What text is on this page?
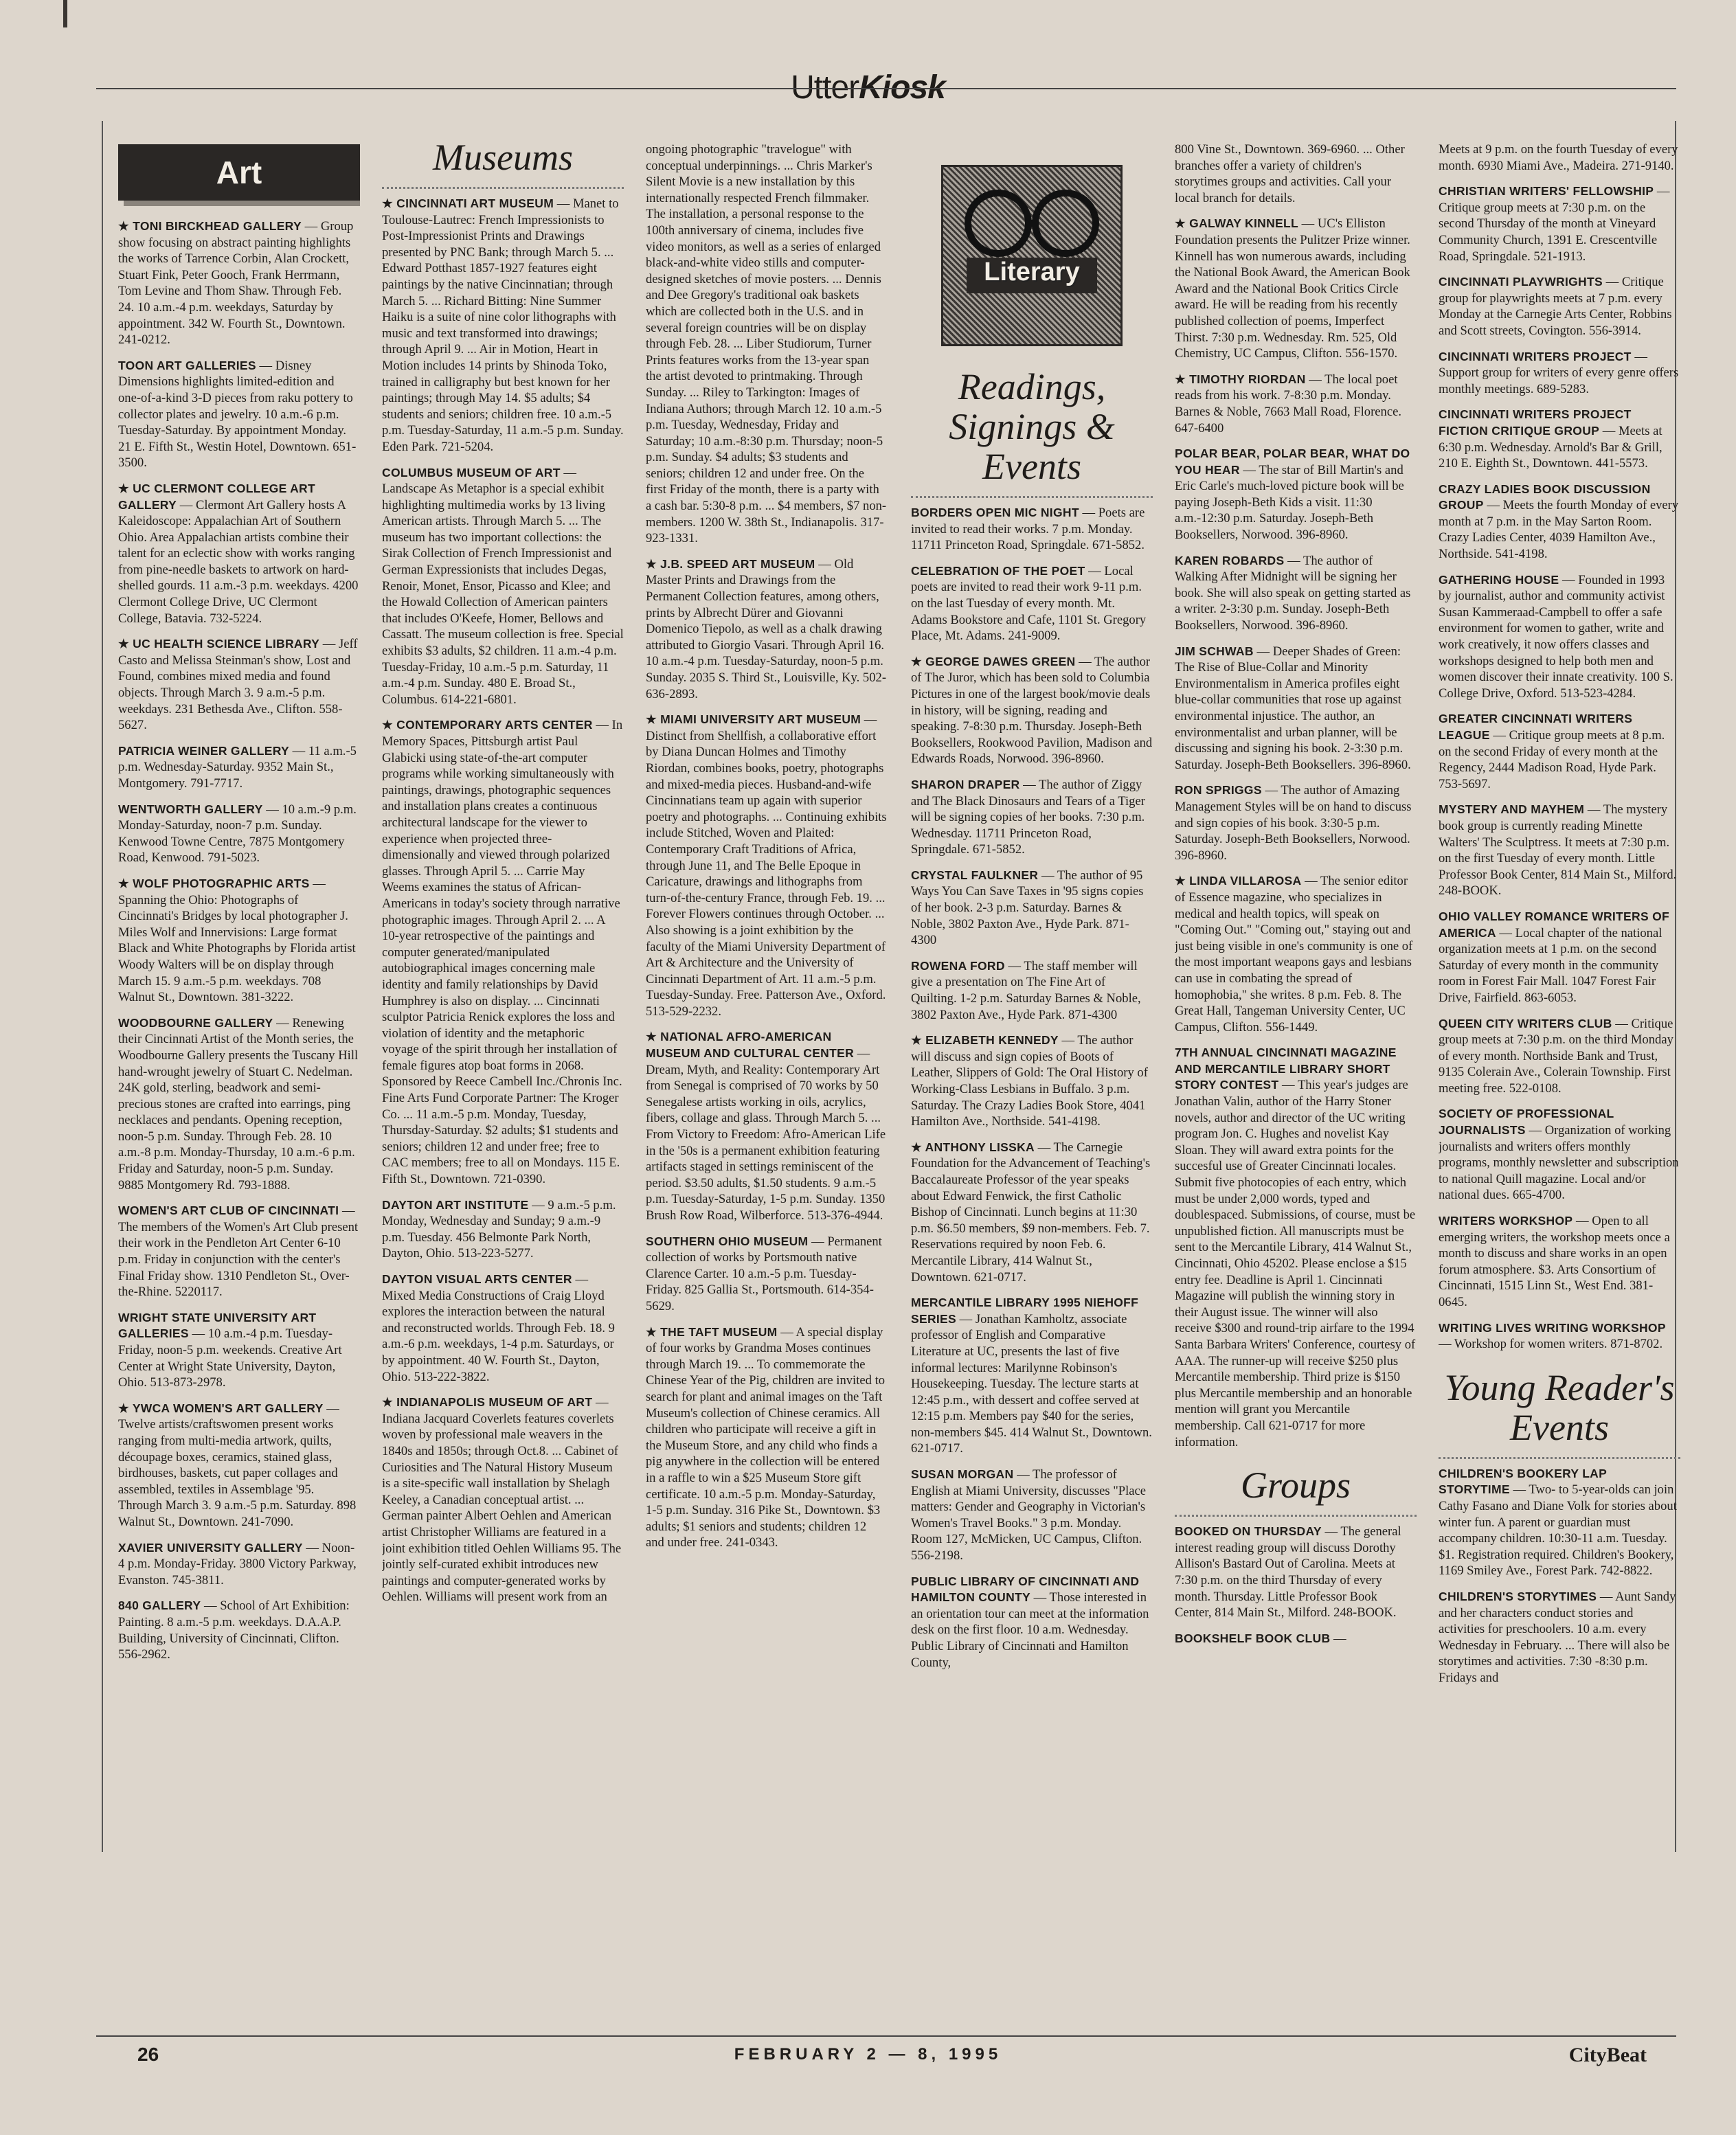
UtterKiosk
Art

★ TONI BIRCKHEAD GALLERY — Group show focusing on abstract painting highlights the works of Tarrence Corbin, Alan Crockett, Stuart Fink, Peter Gooch, Frank Herrmann, Tom Levine and Thom Shaw. Through Feb. 24. 10 a.m.-4 p.m. weekdays, Saturday by appointment. 342 W. Fourth St., Downtown. 241-0212.

TOON ART GALLERIES — Disney Dimensions highlights limited-edition and one-of-a-kind 3-D pieces from raku pottery to collector plates and jewelry. 10 a.m.-6 p.m. Tuesday-Saturday. By appointment Monday. 21 E. Fifth St., Westin Hotel, Downtown. 651-3500.

★ UC CLERMONT COLLEGE ART GALLERY — Clermont Art Gallery hosts A Kaleidoscope: Appalachian Art of Southern Ohio. Area Appalachian artists combine their talent for an eclectic show with works ranging from pine-needle baskets to artwork on hard-shelled gourds. 11 a.m.-3 p.m. weekdays. 4200 Clermont College Drive, UC Clermont College, Batavia. 732-5224.

★ UC HEALTH SCIENCE LIBRARY — Jeff Casto and Melissa Steinman's show, Lost and Found, combines mixed media and found objects. Through March 3. 9 a.m.-5 p.m. weekdays. 231 Bethesda Ave., Clifton. 558-5627.

PATRICIA WEINER GALLERY — 11 a.m.-5 p.m. Wednesday-Saturday. 9352 Main St., Montgomery. 791-7717.

WENTWORTH GALLERY — 10 a.m.-9 p.m. Monday-Saturday, noon-7 p.m. Sunday. Kenwood Towne Centre, 7875 Montgomery Road, Kenwood. 791-5023.

★ WOLF PHOTOGRAPHIC ARTS — Spanning the Ohio: Photographs of Cincinnati's Bridges by local photographer J. Miles Wolf and Innervisions: Large format Black and White Photographs by Florida artist Woody Walters will be on display through March 15. 9 a.m.-5 p.m. weekdays. 708 Walnut St., Downtown. 381-3222.

WOODBOURNE GALLERY — Renewing their Cincinnati Artist of the Month series, the Woodbourne Gallery presents the Tuscany Hill hand-wrought jewelry of Stuart C. Nedelman. 24K gold, sterling, beadwork and semi-precious stones are crafted into earrings, ping necklaces and pendants. Opening reception, noon-5 p.m. Sunday. Through Feb. 28. 10 a.m.-8 p.m. Monday-Thursday, 10 a.m.-6 p.m. Friday and Saturday, noon-5 p.m. Sunday. 9885 Montgomery Rd. 793-1888.

WOMEN'S ART CLUB OF CINCINNATI — The members of the Women's Art Club present their work in the Pendleton Art Center 6-10 p.m. Friday in conjunction with the center's Final Friday show. 1310 Pendleton St., Over-the-Rhine. 5220117.

WRIGHT STATE UNIVERSITY ART GALLERIES — 10 a.m.-4 p.m. Tuesday-Friday, noon-5 p.m. weekends. Creative Art Center at Wright State University, Dayton, Ohio. 513-873-2978.

★ YWCA WOMEN'S ART GALLERY — Twelve artists/craftswomen present works ranging from multi-media artwork, quilts, découpage boxes, ceramics, stained glass, birdhouses, baskets, cut paper collages and assembled, textiles in Assemblage '95. Through March 3. 9 a.m.-5 p.m. Saturday. 898 Walnut St., Downtown. 241-7090.

XAVIER UNIVERSITY GALLERY — Noon-4 p.m. Monday-Friday. 3800 Victory Parkway, Evanston. 745-3811.

840 GALLERY — School of Art Exhibition: Painting. 8 a.m.-5 p.m. weekdays. D.A.A.P. Building, University of Cincinnati, Clifton. 556-2962.

Museums

★ CINCINNATI ART MUSEUM — Manet to Toulouse-Lautrec: French Impressionists to Post-Impressionist Prints and Drawings presented by PNC Bank; through March 5. ... Edward Potthast 1857-1927 features eight paintings by the native Cincinnatian; through March 5. ... Richard Bitting: Nine Summer Haiku is a suite of nine color lithographs with music and text transformed into drawings; through April 9. ... Air in Motion, Heart in Motion includes 14 prints by Shinoda Toko, trained in calligraphy but best known for her paintings; through May 14. $5 adults; $4 students and seniors; children free. 10 a.m.-5 p.m. Tuesday-Saturday, 11 a.m.-5 p.m. Sunday. Eden Park. 721-5204.

COLUMBUS MUSEUM OF ART — Landscape As Metaphor is a special exhibit highlighting multimedia works by 13 living American artists. Through March 5. ... The museum has two important collections: the Sirak Collection of French Impressionist and German Expressionists that includes Degas, Renoir, Monet, Ensor, Picasso and Klee; and the Howald Collection of American painters that includes O'Keefe, Homer, Bellows and Cassatt. The museum collection is free. Special exhibits $3 adults, $2 children. 11 a.m.-4 p.m. Tuesday-Friday, 10 a.m.-5 p.m. Saturday, 11 a.m.-4 p.m. Sunday. 480 E. Broad St., Columbus. 614-221-6801.

★ CONTEMPORARY ARTS CENTER — In Memory Spaces, Pittsburgh artist Paul Glabicki using state-of-the-art computer programs while working simultaneously with paintings, drawings, photographic sequences and installation plans creates a continuous architectural landscape for the viewer to experience when projected three-dimensionally and viewed through polarized glasses. Through April 5. ... Carrie May Weems examines the status of African-Americans in today's society through narrative photographic images. Through April 2. ... A 10-year retrospective of the paintings and computer generated/manipulated autobiographical images concerning male identity and family relationships by David Humphrey is also on display. ... Cincinnati sculptor Patricia Renick explores the loss and violation of identity and the metaphoric voyage of the spirit through her installation of female figures atop boat forms in 2068. Sponsored by Reece Cambell Inc./Chronis Inc. Fine Arts Fund Corporate Partner: The Kroger Co. ... 11 a.m.-5 p.m. Monday, Tuesday, Thursday-Saturday. $2 adults; $1 students and seniors; children 12 and under free; free to CAC members; free to all on Mondays. 115 E. Fifth St., Downtown. 721-0390.

DAYTON ART INSTITUTE — 9 a.m.-5 p.m. Monday, Wednesday and Sunday; 9 a.m.-9 p.m. Tuesday. 456 Belmonte Park North, Dayton, Ohio. 513-223-5277.

DAYTON VISUAL ARTS CENTER — Mixed Media Constructions of Craig Lloyd explores the interaction between the natural and reconstructed worlds. Through Feb. 18. 9 a.m.-6 p.m. weekdays, 1-4 p.m. Saturdays, or by appointment. 40 W. Fourth St., Dayton, Ohio. 513-222-3822.

★ INDIANAPOLIS MUSEUM OF ART — Indiana Jacquard Coverlets features coverlets woven by professional male weavers in the 1840s and 1850s; through Oct.8. ... Cabinet of Curiosities and The Natural History Museum is a site-specific wall installation by Shelagh Keeley, a Canadian conceptual artist. ... German painter Albert Oehlen and American artist Christopher Williams are featured in a joint exhibition titled Oehlen Williams 95. The jointly self-curated exhibit introduces new paintings and computer-generated works by Oehlen. Williams will present work from an

ongoing photographic "travelogue" with conceptual underpinnings. ... Chris Marker's Silent Movie is a new installation by this internationally respected French filmmaker. The installation, a personal response to the 100th anniversary of cinema, includes five video monitors, as well as a series of enlarged black-and-white video stills and computer-designed sketches of movie posters. ... Dennis and Dee Gregory's traditional oak baskets which are collected both in the U.S. and in several foreign countries will be on display through Feb. 28. ... Liber Studiorum, Turner Prints features works from the 13-year span the artist devoted to printmaking. Through Sunday. ... Riley to Tarkington: Images of Indiana Authors; through March 12. 10 a.m.-5 p.m. Tuesday, Wednesday, Friday and Saturday; 10 a.m.-8:30 p.m. Thursday; noon-5 p.m. Sunday. $4 adults; $3 students and seniors; children 12 and under free. On the first Friday of the month, there is a party with a cash bar. 5:30-8 p.m. ... $4 members, $7 non-members. 1200 W. 38th St., Indianapolis. 317-923-1331.

★ J.B. SPEED ART MUSEUM — Old Master Prints and Drawings from the Permanent Collection features, among others, prints by Albrecht Dürer and Giovanni Domenico Tiepolo, as well as a chalk drawing attributed to Giorgio Vasari. Through April 16. 10 a.m.-4 p.m. Tuesday-Saturday, noon-5 p.m. Sunday. 2035 S. Third St., Louisville, Ky. 502-636-2893.

★ MIAMI UNIVERSITY ART MUSEUM — Distinct from Shellfish, a collaborative effort by Diana Duncan Holmes and Timothy Riordan, combines books, poetry, photographs and mixed-media pieces. Husband-and-wife Cincinnatians team up again with superior poetry and photographs. ... Continuing exhibits include Stitched, Woven and Plaited: Contemporary Craft Traditions of Africa, through June 11, and The Belle Epoque in Caricature, drawings and lithographs from turn-of-the-century France, through Feb. 19. ... Forever Flowers continues through October. ... Also showing is a joint exhibition by the faculty of the Miami University Department of Art & Architecture and the University of Cincinnati Department of Art. 11 a.m.-5 p.m. Tuesday-Sunday. Free. Patterson Ave., Oxford. 513-529-2232.

★ NATIONAL AFRO-AMERICAN MUSEUM AND CULTURAL CENTER — Dream, Myth, and Reality: Contemporary Art from Senegal is comprised of 70 works by 50 Senegalese artists working in oils, acrylics, fibers, collage and glass. Through March 5. ... From Victory to Freedom: Afro-American Life in the '50s is a permanent exhibition featuring artifacts staged in settings reminiscent of the period. $3.50 adults, $1.50 students. 9 a.m.-5 p.m. Tuesday-Saturday, 1-5 p.m. Sunday. 1350 Brush Row Road, Wilberforce. 513-376-4944.

SOUTHERN OHIO MUSEUM — Permanent collection of works by Portsmouth native Clarence Carter. 10 a.m.-5 p.m. Tuesday-Friday. 825 Gallia St., Portsmouth. 614-354-5629.

★ THE TAFT MUSEUM — A special display of four works by Grandma Moses continues through March 19. ... To commemorate the Chinese Year of the Pig, children are invited to search for plant and animal images on the Taft Museum's collection of Chinese ceramics. All children who participate will receive a gift in the Museum Store, and any child who finds a pig anywhere in the collection will be entered in a raffle to win a $25 Museum Store gift certificate. 10 a.m.-5 p.m. Monday-Saturday, 1-5 p.m. Sunday. 316 Pike St., Downtown. $3 adults; $1 seniors and students; children 12 and under free. 241-0343.

Literary
Readings, Signings & Events

BORDERS OPEN MIC NIGHT — Poets are invited to read their works. 7 p.m. Monday. 11711 Princeton Road, Springdale. 671-5852.

CELEBRATION OF THE POET — Local poets are invited to read their work 9-11 p.m. on the last Tuesday of every month. Mt. Adams Bookstore and Cafe, 1101 St. Gregory Place, Mt. Adams. 241-9009.

★ GEORGE DAWES GREEN — The author of The Juror, which has been sold to Columbia Pictures in one of the largest book/movie deals in history, will be signing, reading and speaking. 7-8:30 p.m. Thursday. Joseph-Beth Booksellers, Rookwood Pavilion, Madison and Edwards Roads, Norwood. 396-8960.

SHARON DRAPER — The author of Ziggy and The Black Dinosaurs and Tears of a Tiger will be signing copies of her books. 7:30 p.m. Wednesday. 11711 Princeton Road, Springdale. 671-5852.

CRYSTAL FAULKNER — The author of 95 Ways You Can Save Taxes in '95 signs copies of her book. 2-3 p.m. Saturday. Barnes & Noble, 3802 Paxton Ave., Hyde Park. 871-4300

ROWENA FORD — The staff member will give a presentation on The Fine Art of Quilting. 1-2 p.m. Saturday Barnes & Noble, 3802 Paxton Ave., Hyde Park. 871-4300

★ ELIZABETH KENNEDY — The author will discuss and sign copies of Boots of Leather, Slippers of Gold: The Oral History of Working-Class Lesbians in Buffalo. 3 p.m. Saturday. The Crazy Ladies Book Store, 4041 Hamilton Ave., Northside. 541-4198.

★ ANTHONY LISSKA — The Carnegie Foundation for the Advancement of Teaching's Baccalaureate Professor of the year speaks about Edward Fenwick, the first Catholic Bishop of Cincinnati. Lunch begins at 11:30 p.m. $6.50 members, $9 non-members. Feb. 7. Reservations required by noon Feb. 6. Mercantile Library, 414 Walnut St., Downtown. 621-0717.

MERCANTILE LIBRARY 1995 NIEHOFF SERIES — Jonathan Kamholtz, associate professor of English and Comparative Literature at UC, presents the last of five informal lectures: Marilynne Robinson's Housekeeping. Tuesday. The lecture starts at 12:45 p.m., with dessert and coffee served at 12:15 p.m. Members pay $40 for the series, non-members $45. 414 Walnut St., Downtown. 621-0717.

SUSAN MORGAN — The professor of English at Miami University, discusses "Place matters: Gender and Geography in Victorian's Women's Travel Books." 3 p.m. Monday. Room 127, McMicken, UC Campus, Clifton. 556-2198.

PUBLIC LIBRARY OF CINCINNATI AND HAMILTON COUNTY — Those interested in an orientation tour can meet at the information desk on the first floor. 10 a.m. Wednesday. Public Library of Cincinnati and Hamilton County,

800 Vine St., Downtown. 369-6960. ... Other branches offer a variety of children's storytimes groups and activities. Call your local branch for details.

★ GALWAY KINNELL — UC's Elliston Foundation presents the Pulitzer Prize winner. Kinnell has won numerous awards, including the National Book Award, the American Book Award and the National Book Critics Circle award. He will be reading from his recently published collection of poems, Imperfect Thirst. 7:30 p.m. Wednesday. Rm. 525, Old Chemistry, UC Campus, Clifton. 556-1570.

★ TIMOTHY RIORDAN — The local poet reads from his work. 7-8:30 p.m. Monday. Barnes & Noble, 7663 Mall Road, Florence. 647-6400

POLAR BEAR, POLAR BEAR, WHAT DO YOU HEAR — The star of Bill Martin's and Eric Carle's much-loved picture book will be paying Joseph-Beth Kids a visit. 11:30 a.m.-12:30 p.m. Saturday. Joseph-Beth Booksellers, Norwood. 396-8960.

KAREN ROBARDS — The author of Walking After Midnight will be signing her book. She will also speak on getting started as a writer. 2-3:30 p.m. Sunday. Joseph-Beth Booksellers, Norwood. 396-8960.

JIM SCHWAB — Deeper Shades of Green: The Rise of Blue-Collar and Minority Environmentalism in America profiles eight blue-collar communities that rose up against environmental injustice. The author, an environmentalist and urban planner, will be discussing and signing his book. 2-3:30 p.m. Saturday. Joseph-Beth Booksellers. 396-8960.

RON SPRIGGS — The author of Amazing Management Styles will be on hand to discuss and sign copies of his book. 3:30-5 p.m. Saturday. Joseph-Beth Booksellers, Norwood. 396-8960.

★ LINDA VILLAROSA — The senior editor of Essence magazine, who specializes in medical and health topics, will speak on "Coming Out." "Coming out," staying out and just being visible in one's community is one of the most important weapons gays and lesbians can use in combating the spread of homophobia," she writes. 8 p.m. Feb. 8. The Great Hall, Tangeman University Center, UC Campus, Clifton. 556-1449.

7TH ANNUAL CINCINNATI MAGAZINE AND MERCANTILE LIBRARY SHORT STORY CONTEST — This year's judges are Jonathan Valin, author of the Harry Stoner novels, author and director of the UC writing program Jon. C. Hughes and novelist Kay Sloan. They will award extra points for the succesful use of Greater Cincinnati locales. Submit five photocopies of each entry, which must be under 2,000 words, typed and doublespaced. Submissions, of course, must be unpublished fiction. All manuscripts must be sent to the Mercantile Library, 414 Walnut St., Cincinnati, Ohio 45202. Please enclose a $15 entry fee. Deadline is April 1. Cincinnati Magazine will publish the winning story in their August issue. The winner will also receive $300 and round-trip airfare to the 1994 Santa Barbara Writers' Conference, courtesy of AAA. The runner-up will receive $250 plus Mercantile membership. Third prize is $150 plus Mercantile membership and an honorable mention will grant you Mercantile membership. Call 621-0717 for more information.

Groups

BOOKED ON THURSDAY — The general interest reading group will discuss Dorothy Allison's Bastard Out of Carolina. Meets at 7:30 p.m. on the third Thursday of every month. Thursday. Little Professor Book Center, 814 Main St., Milford. 248-BOOK.

BOOKSHELF BOOK CLUB —

Meets at 9 p.m. on the fourth Tuesday of every month. 6930 Miami Ave., Madeira. 271-9140.

CHRISTIAN WRITERS' FELLOWSHIP — Critique group meets at 7:30 p.m. on the second Thursday of the month at Vineyard Community Church, 1391 E. Crescentville Road, Springdale. 521-1913.

CINCINNATI PLAYWRIGHTS — Critique group for playwrights meets at 7 p.m. every Monday at the Carnegie Arts Center, Robbins and Scott streets, Covington. 556-3914.

CINCINNATI WRITERS PROJECT — Support group for writers of every genre offers monthly meetings. 689-5283.

CINCINNATI WRITERS PROJECT FICTION CRITIQUE GROUP — Meets at 6:30 p.m. Wednesday. Arnold's Bar & Grill, 210 E. Eighth St., Downtown. 441-5573.

CRAZY LADIES BOOK DISCUSSION GROUP — Meets the fourth Monday of every month at 7 p.m. in the May Sarton Room. Crazy Ladies Center, 4039 Hamilton Ave., Northside. 541-4198.

GATHERING HOUSE — Founded in 1993 by journalist, author and community activist Susan Kammeraad-Campbell to offer a safe environment for women to gather, write and work creatively, it now offers classes and workshops designed to help both men and women discover their innate creativity. 100 S. College Drive, Oxford. 513-523-4284.

GREATER CINCINNATI WRITERS LEAGUE — Critique group meets at 8 p.m. on the second Friday of every month at the Regency, 2444 Madison Road, Hyde Park. 753-5697.

MYSTERY AND MAYHEM — The mystery book group is currently reading Minette Walters' The Sculptress. It meets at 7:30 p.m. on the first Tuesday of every month. Little Professor Book Center, 814 Main St., Milford. 248-BOOK.

OHIO VALLEY ROMANCE WRITERS OF AMERICA — Local chapter of the national organization meets at 1 p.m. on the second Saturday of every month in the community room in Forest Fair Mall. 1047 Forest Fair Drive, Fairfield. 863-6053.

QUEEN CITY WRITERS CLUB — Critique group meets at 7:30 p.m. on the third Monday of every month. Northside Bank and Trust, 9135 Colerain Ave., Colerain Township. First meeting free. 522-0108.

SOCIETY OF PROFESSIONAL JOURNALISTS — Organization of working journalists and writers offers monthly programs, monthly newsletter and subscription to national Quill magazine. Local and/or national dues. 665-4700.

WRITERS WORKSHOP — Open to all emerging writers, the workshop meets once a month to discuss and share works in an open forum atmosphere. $3. Arts Consortium of Cincinnati, 1515 Linn St., West End. 381-0645.

WRITING LIVES WRITING WORKSHOP — Workshop for women writers. 871-8702.

Young Reader's Events

CHILDREN'S BOOKERY LAP STORYTIME — Two- to 5-year-olds can join Cathy Fasano and Diane Volk for stories about winter fun. A parent or guardian must accompany children. 10:30-11 a.m. Tuesday. $1. Registration required. Children's Bookery, 1169 Smiley Ave., Forest Park. 742-8822.

CHILDREN'S STORYTIMES — Aunt Sandy and her characters conduct stories and activities for preschoolers. 10 a.m. every Wednesday in February. ... There will also be storytimes and activities. 7:30 -8:30 p.m. Fridays and

26	FEBRUARY 2 — 8, 1995	CityBeat
